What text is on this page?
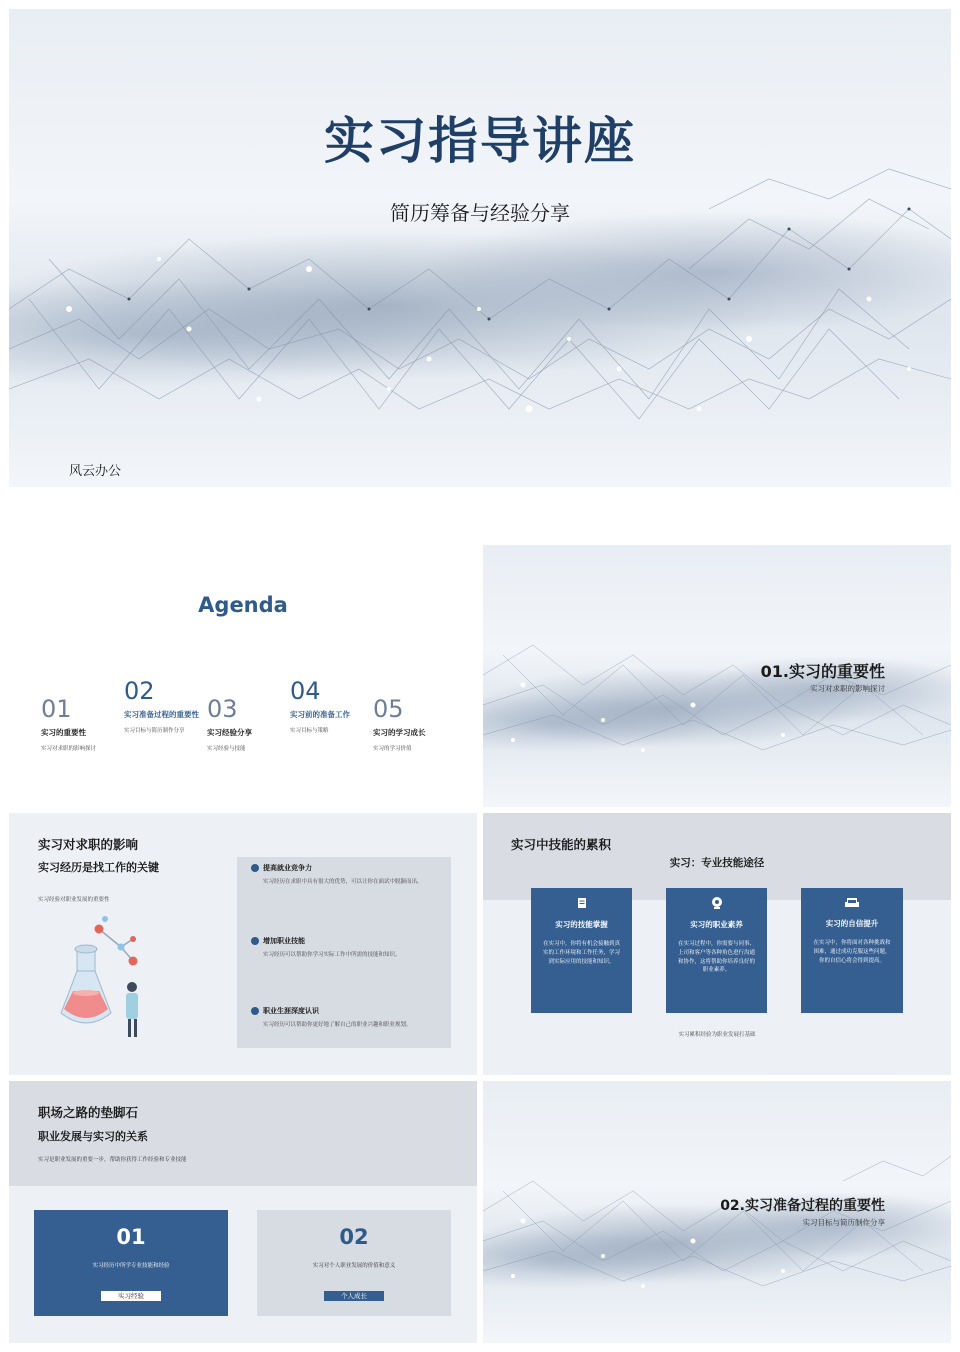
实习指导讲座
简历筹备与经验分享
风云办公
Agenda
01
实习的重要性
实习对求职的影响探讨
02
实习准备过程的重要性
实习目标与简历制作分享
03
实习经验分享
实习经验与技能
04
实习前的准备工作
实习目标与策略
05
实习的学习成长
实习的学习价值
01.实习的重要性
实习对求职的影响探讨
实习对求职的影响
实习经历是找工作的关键
实习经验对职业发展的重要性
提高就业竞争力
实习经历在求职中具有很大的优势，可以让你在面试中脱颖而出。
增加职业技能
实习经历可以帮助你学习实际工作中所需的技能和知识。
职业生涯深度认识
实习经历可以帮助你更好地了解自己的职业兴趣和职业规划。
实习中技能的累积
实习：专业技能途径
实习的技能掌握
在实习中，你将有机会接触到真实的工作环境和工作任务，学习到实际应用的技能和知识。
实习的职业素养
在实习过程中，你需要与同事、上司和客户等各种角色进行沟通和协作，这将帮助你培养良好的职业素养。
实习的自信提升
在实习中，你将面对各种挑战和困难，通过成功克服这些问题，你的自信心将会得到提高。
实习累积经验为职业发展打基础
职场之路的垫脚石
职业发展与实习的关系
实习是职业发展的重要一步，帮助你获得工作经验和专业技能
01
实习经历中所学专业技能和经验
实习经验
02
实习对个人职业发展的价值和意义
个人成长
02.实习准备过程的重要性
实习目标与简历制作分享
